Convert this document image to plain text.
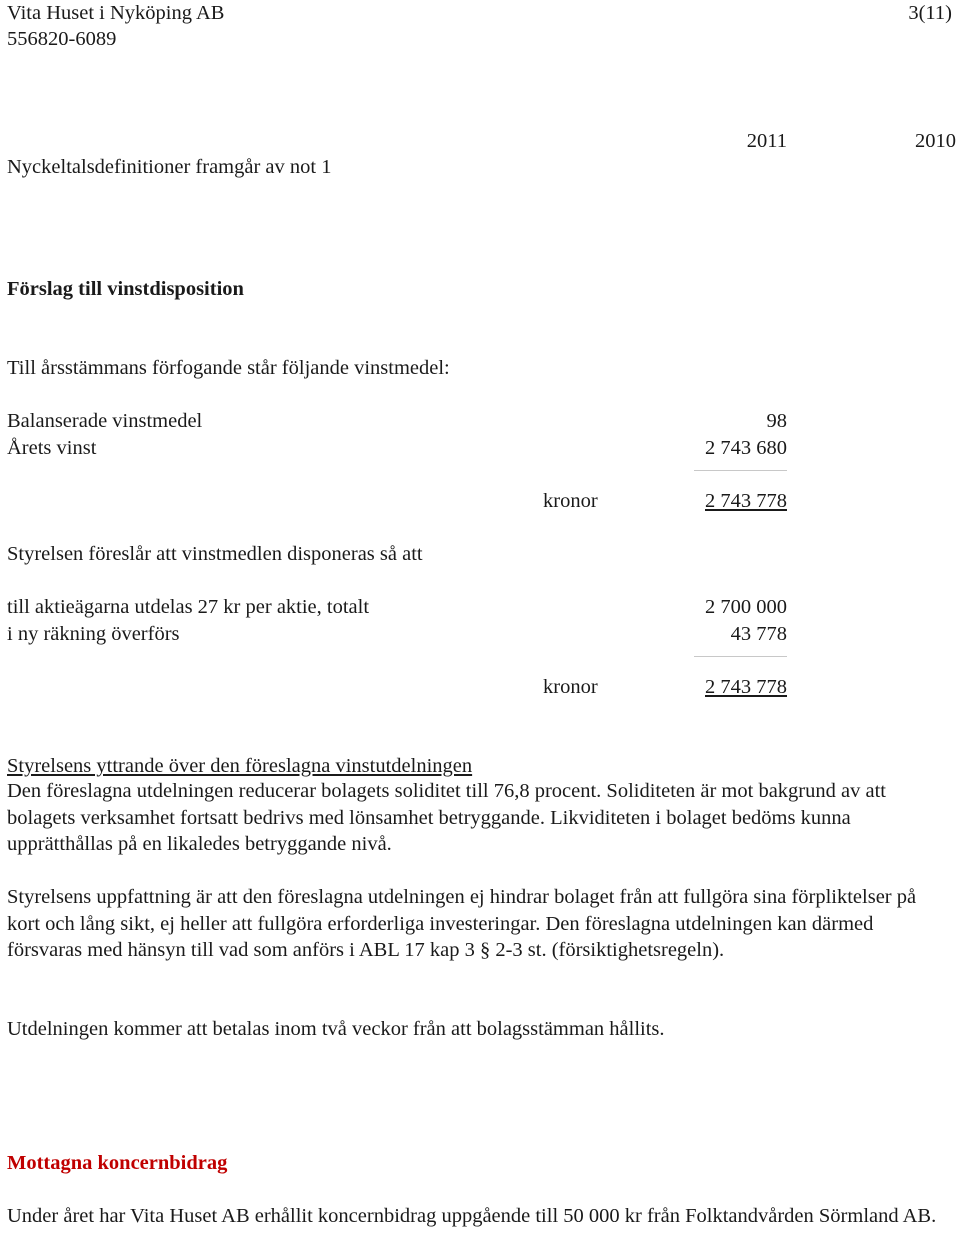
Vita Huset i Nyköping AB	3(11)
556820-6089
2011	2010
Nyckeltalsdefinitioner framgår av not 1
Förslag till vinstdisposition
Till årsstämmans förfogande står följande vinstmedel:
Balanserade vinstmedel	98
Årets vinst	2 743 680
kronor	2 743 778
Styrelsen föreslår att vinstmedlen disponeras så att
till aktieägarna utdelas 27 kr per aktie, totalt	2 700 000
i ny räkning överförs	43 778
kronor	2 743 778
Styrelsens yttrande över den föreslagna vinstutdelningen
Den föreslagna utdelningen reducerar bolagets soliditet till 76,8 procent. Soliditeten är mot bakgrund av att bolagets verksamhet fortsatt bedrivs med lönsamhet betryggande. Likviditeten i bolaget bedöms kunna upprätthållas på en likaledes betryggande nivå.
Styrelsens uppfattning är att den föreslagna utdelningen ej hindrar bolaget från att fullgöra sina förpliktelser på kort och lång sikt, ej heller att fullgöra erforderliga investeringar. Den föreslagna utdelningen kan därmed försvaras med hänsyn till vad som anförs i ABL 17 kap 3 § 2-3 st. (försiktighetsregeln).
Utdelningen kommer att betalas inom två veckor från att bolagsstämman hållits.
Mottagna koncernbidrag
Under året har Vita Huset AB erhållit koncernbidrag uppgående till 50 000 kr från Folktandvården Sörmland AB.
